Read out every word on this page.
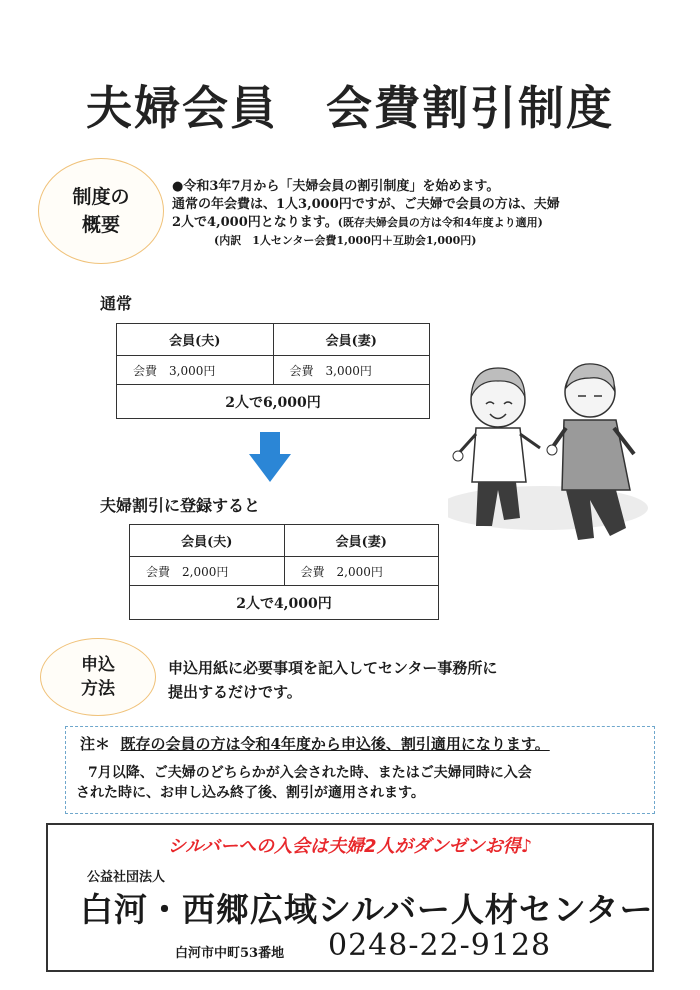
夫婦会員　会費割引制度
制度の
概要
●令和3年7月から「夫婦会員の割引制度」を始めます。
通常の年会費は、1人3,000円ですが、ご夫婦で会員の方は、夫婦
2人で4,000円となります。(既存夫婦会員の方は令和4年度より適用)
(内訳　1人センター会費1,000円＋互助会1,000円)
通常
会員(夫)	会員(妻)
会費　3,000円	会費　3,000円
2人で6,000円	
夫婦割引に登録すると
会員(夫)	会員(妻)
会費　2,000円	会費　2,000円
2人で4,000円	
申込
方法
申込用紙に必要事項を記入してセンター事務所に
提出するだけです。
注＊ 既存の会員の方は令和4年度から申込後、割引適用になります。
7月以降、ご夫婦のどちらかが入会された時、またはご夫婦同時に入会
された時に、お申し込み終了後、割引が適用されます。
シルバーへの入会は夫婦2人がダンゼンお得♪
公益社団法人
白河・西郷広域シルバー人材センター
白河市中町53番地 0248-22-9128
